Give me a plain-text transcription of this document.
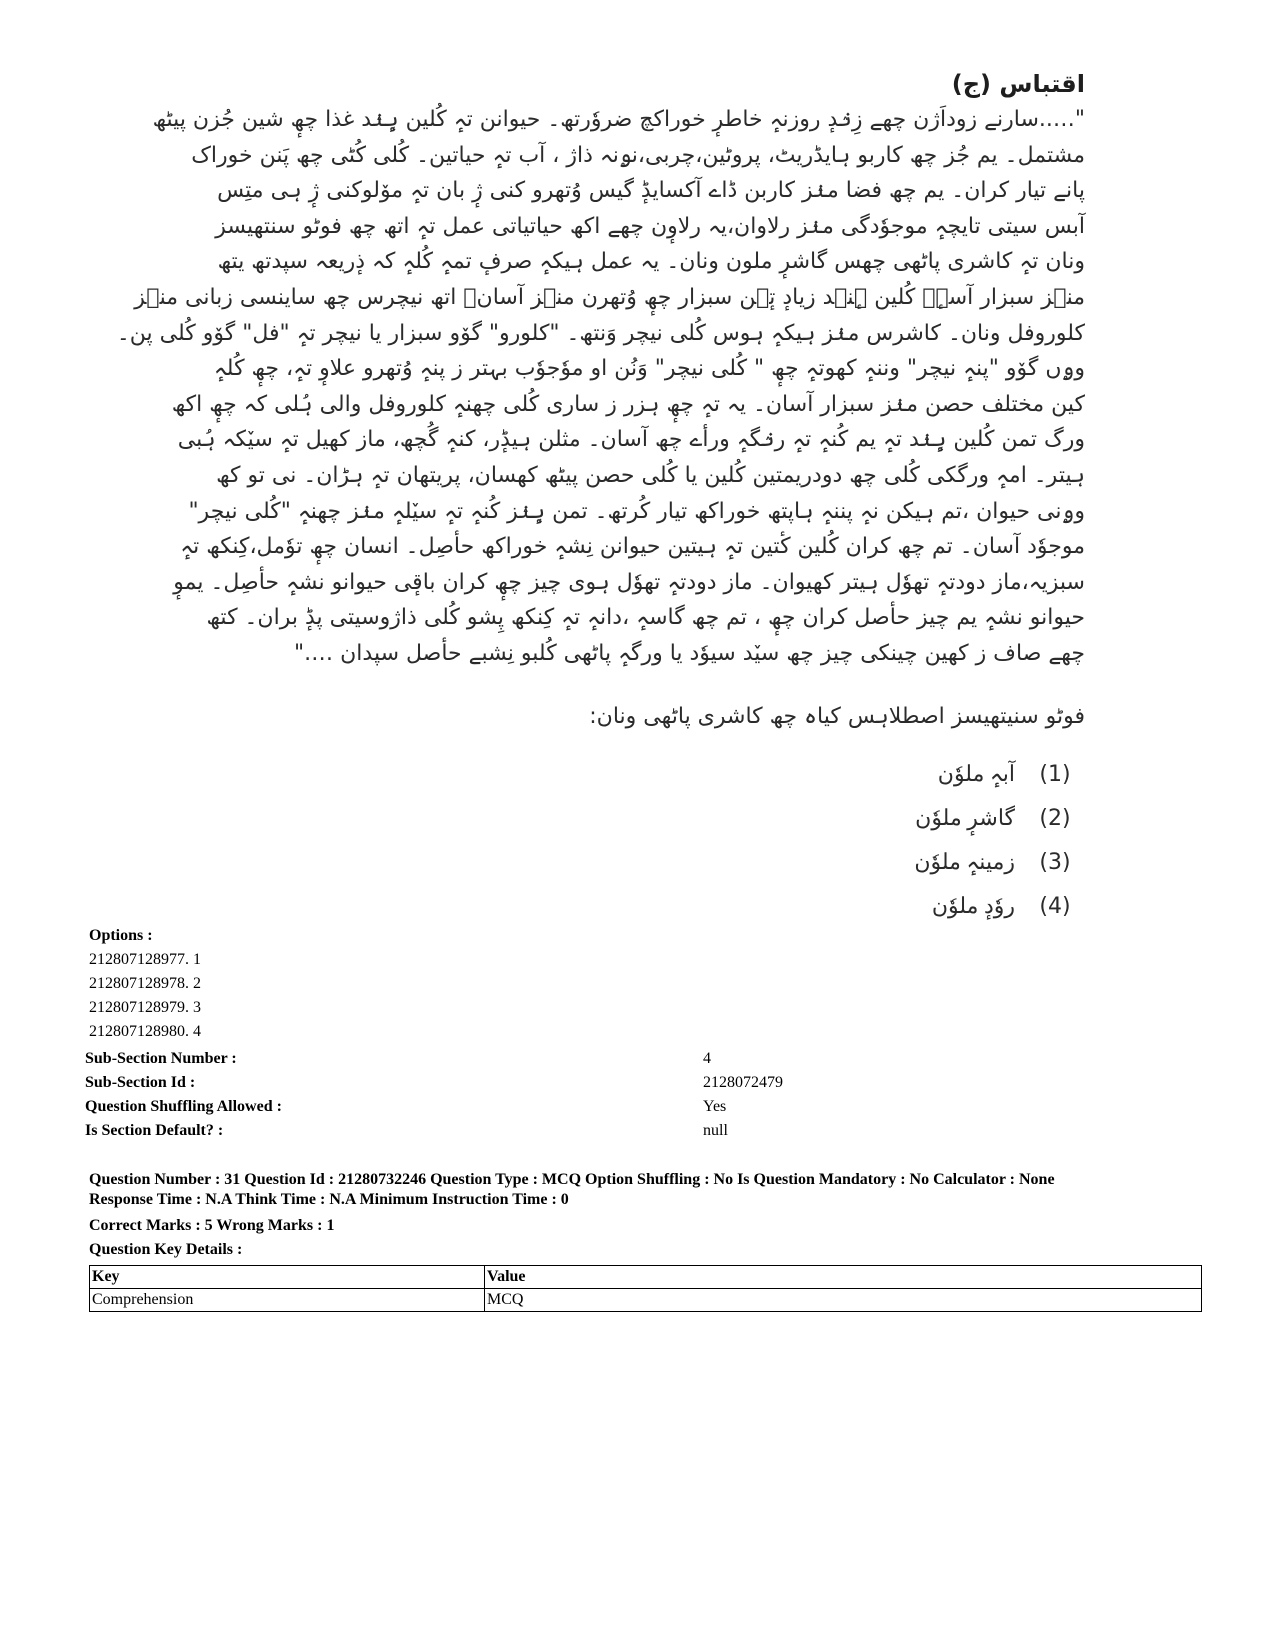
اقتباس (ج)

"…..سارنے زوداَژن چھے زِنٛدٕ روزنہٕ خاطرٕ خوراکچ ضروٗرتھ۔ حیوانن تہٕ کُلین ہٕنٛد غذا چھٕ شین جُزن پیٹھ

مشتمل۔ یم جُز چھ کاربو ہایڈریٹ، پروٹین،چربی،نۄنہ ذاژ ، آب تہٕ حیاتین۔ کُلی کُٹی چھ پَنن خوراک

پانے تیار کران۔ یم چھ فضا منٛز کاربن ڈاے آکسایڈٕ گیس وُتھرو کنی ژٕ بان تہٕ مۆلوکنی ژٕ ہی متِس

آبس سیتی تایچہٕ موجوٗدگی منٛز رلاوان،یہ رلاوٕن چھے اکھ حیاتیاتی عمل تہٕ اتھ چھ فوٹو سنتھیسز

ونان تہٕ کاشری پاٹھی چھس گاشرٕ ملون ونان۔ یہ عمل ہیکہٕ صرفٕ تمہٕ کُلہٕ کہ ذٕریعہ سپدتھ یتھ

منٛز سبزار آسہٕ۔ کُلین ہٕنٛد زیادٕ تٕہن سبزار چھٕ وُتھرن منٛز آسان۔ اتھ نیچرس چھ ساینسی زبانی منٛز

کلوروفل ونان۔ کاشرس منٛز ہیکہٕ ہوس کُلی نیچر وَنتھ۔ "کلورو" گۆو سبزار یا نیچر تہٕ "فل" گۆو کُلی پن۔

وۄں گۆو "پنہٕ نیچر" وننہٕ کھوتہٕ چھٕ " کُلی نیچر" وَنُن او موٗجوٗب بہتر ز پنہٕ وُتھرو علاوٕ تہٕ، چھٕ کُلہٕ

کین مختلف حصن منٛز سبزار آسان۔ یہ تہٕ چھٕ ہزر ز ساری کُلی چھنہٕ کلوروفل والی ہُلی کہ چھٕ اکھ

ورگ تمن کُلین ہٕنٛد تہٕ یم کُنہٕ تہٕ رنٛگہٕ ورأے چھ آسان۔ مثلن ہیڈٕر، کنہٕ گُچھ، ماز کھیل تہٕ سیٚکہ ہُبی

ہیتر۔ امہٕ ورگکی کُلی چھ دودریمتین کُلین یا کُلی حصن پیٹھ کھسان، پریتھان تہٕ ہڑان۔ نی تو کھ

وۄنی حیوان ،تم ہیکن نہٕ پننہٕ ہاپتھ خوراکھ تیار کُرتھ۔ تمن ہٕنٛز کُنہٕ تہٕ سیٚلہٕ منٛز چھنہٕ "کُلی نیچر"

موجوٗد آسان۔ تم چھ کران کُلین کٔتین تہٕ ہیتین حیوانن نِشہٕ خوراکھ حأصِل۔ انسان چھٕ توٗمل،کِنکھ تہٕ

سبزیہ،ماز دودتہٕ تھوٗل ہیتر کھیوان۔ ماز دودتہٕ تھوٗل ہوی چیز چھٕ کران باقٕی حیوانو نشہٕ حأصِل۔ یموٕ

حیوانو نشہٕ یم چیز حأصل کران چھٕ ، تم چھ گاسہٕ ،دانہٕ تہٕ کِنکھ پِشو کُلی ذاژوسیتی پڈٕ بران۔ کتھ

چھے صاف ز کھین چینکی چیز چھ سیٚد سیوٗد یا ورگہٕ پاٹھی کُلبو نِشبے حأصل سپدان …."

فوٹو سنیتھیسز اصطلاہس کیاہ چھ کاشری پاٹھی ونان:
(1)
آبہٕ ملوٗن
(2)
گاشرٕ ملوٗن
(3)
زمینہٕ ملوٗن
(4)
روٗدٕ ملوٗن
Options :
212807128977. 1
212807128978. 2
212807128979. 3
212807128980. 4
Sub-Section Number :	4
Sub-Section Id :	2128072479
Question Shuffling Allowed :	Yes
Is Section Default? :	null
Question Number : 31 Question Id : 21280732246 Question Type : MCQ Option Shuffling : No Is Question Mandatory : No Calculator : None
Response Time : N.A Think Time : N.A Minimum Instruction Time : 0
Correct Marks : 5 Wrong Marks : 1
Question Key Details :
Key	Value
Comprehension	MCQ
